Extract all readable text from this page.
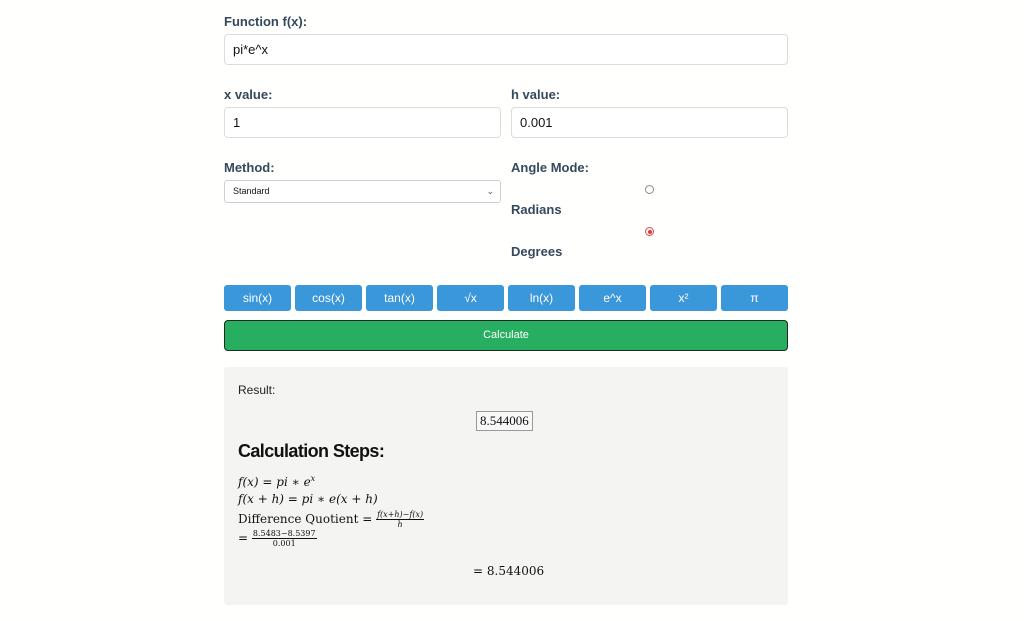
Function f(x):
pi*e^x
x value:
1
h value:
0.001
Method:
Standard	⌄
Angle Mode:
Radians
Degrees
sin(x)	cos(x)	tan(x)	√x	ln(x)	e^x	x²	π
Calculate
Result:
8.544006
Calculation Steps:
f(x) = pi ∗ $e^x$
f(x + h) = pi ∗ e(x + h)
Difference Quotient = $\frac{f(x+h)-f(x)}{h}$
= $\frac{8.5483-8.5397}{0.001}$
= 8.544006
